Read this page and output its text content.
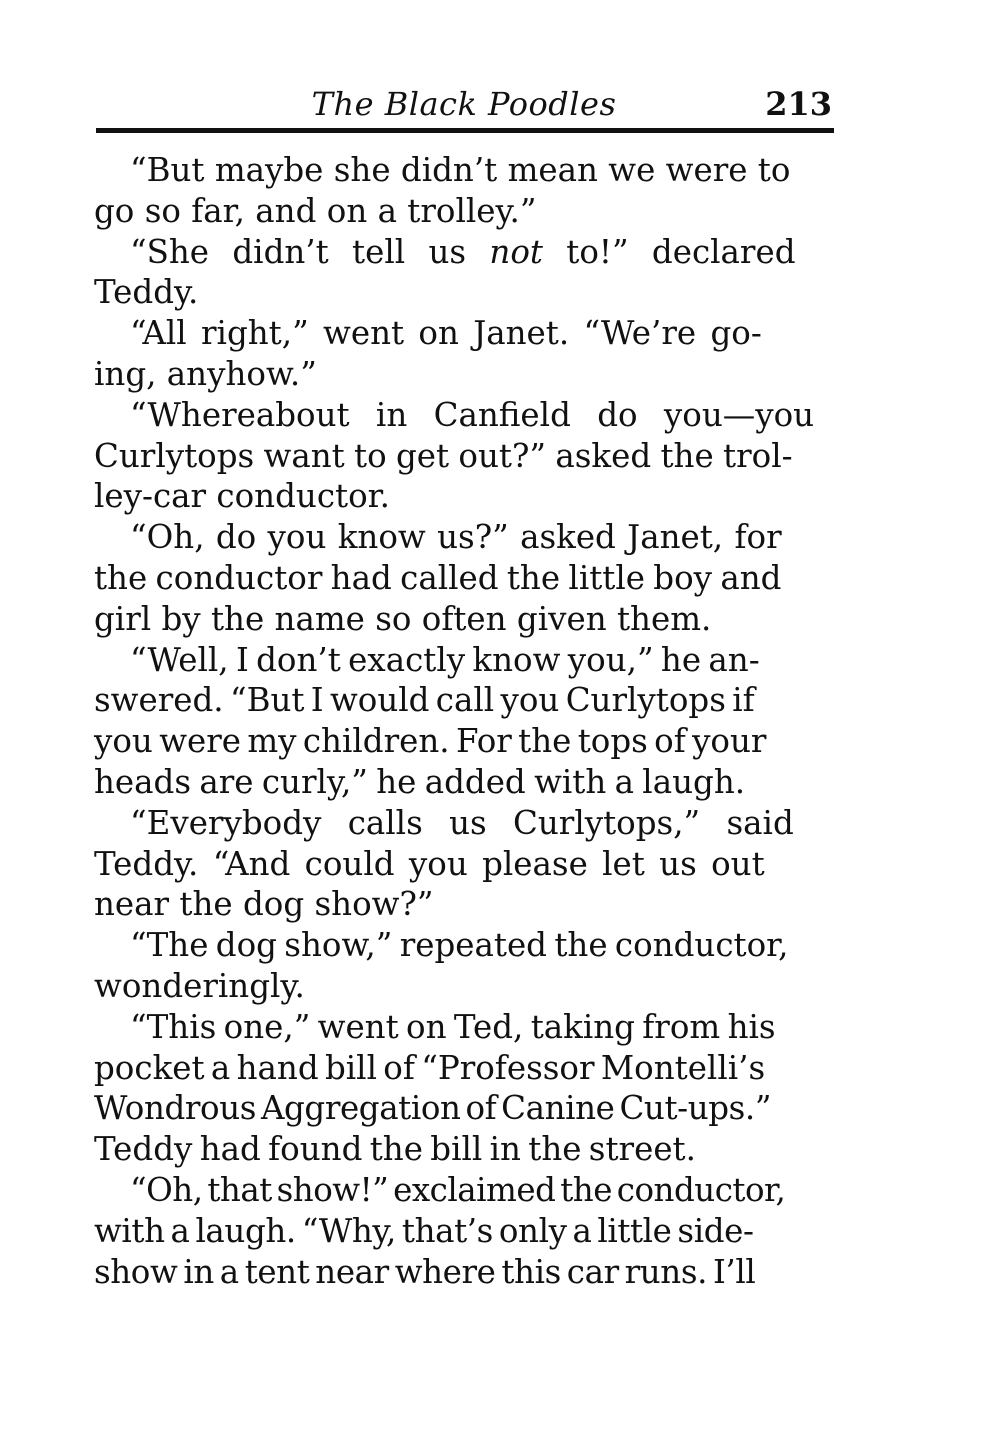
The Black Poodles	213
“But maybe she didn’t mean we were to
go so far, and on a trolley.”
“She didn’t tell us not to!” declared
Teddy.
“All right,” went on Janet. “We’re go-
ing, anyhow.”
“Whereabout in Canfield do you—you
Curlytops want to get out?” asked the trol-
ley-car conductor.
“Oh, do you know us?” asked Janet, for
the conductor had called the little boy and
girl by the name so often given them.
“Well, I don’t exactly know you,” he an-
swered. “But I would call you Curlytops if
you were my children. For the tops of your
heads are curly,” he added with a laugh.
“Everybody calls us Curlytops,” said
Teddy. “And could you please let us out
near the dog show?”
“The dog show,” repeated the conductor,
wonderingly.
“This one,” went on Ted, taking from his
pocket a hand bill of “Professor Montelli’s
Wondrous Aggregation of Canine Cut-ups.”
Teddy had found the bill in the street.
“Oh, that show!” exclaimed the conductor,
with a laugh. “Why, that’s only a little side-
show in a tent near where this car runs. I’ll
